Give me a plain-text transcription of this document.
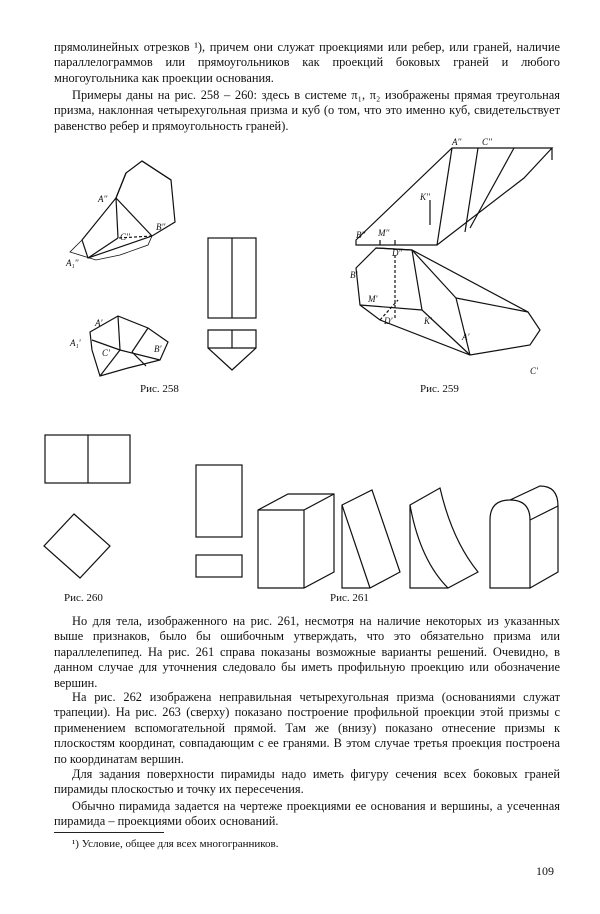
прямолинейных отрезков ¹), причем они служат проекциями или ребер, или граней, наличие параллелограммов или прямоугольников как проекций боковых граней и любого многоугольника как проекции основания.

Примеры даны на рис. 258 – 260: здесь в системе π₁, π₂ изображены прямая треугольная призма, наклонная четырехугольная призма и куб (о том, что это именно куб, свидетельствует равенство ребер и прямоугольность граней).

A''
B''
C''
A₁''
A'
A₁'
C'	B'
A'' C''
K''
B'' M''
D''
B'
M'
D'	K'
A'
C'
Рис. 258	Рис. 259
Рис. 260	Рис. 261

Но для тела, изображенного на рис. 261, несмотря на наличие некоторых из указанных выше признаков, было бы ошибочным утверждать, что это обязательно призма или параллелепипед. На рис. 261 справа показаны возможные варианты решений. Очевидно, в данном случае для уточнения следовало бы иметь профильную проекцию или обозначение вершин.

На рис. 262 изображена неправильная четырехугольная призма (основаниями служат трапеции). На рис. 263 (сверху) показано построение профильной проекции этой призмы с применением вспомогательной прямой. Там же (внизу) показано отнесение призмы к плоскостям координат, совпадающим с ее гранями. В этом случае третья проекция построена по координатам вершин.

Для задания поверхности пирамиды надо иметь фигуру сечения всех боковых граней пирамиды плоскостью и точку их пересечения.

Обычно пирамида задается на чертеже проекциями ее основания и вершины, а усеченная пирамида – проекциями обоих оснований.

¹) Условие, общее для всех многогранников.
109
